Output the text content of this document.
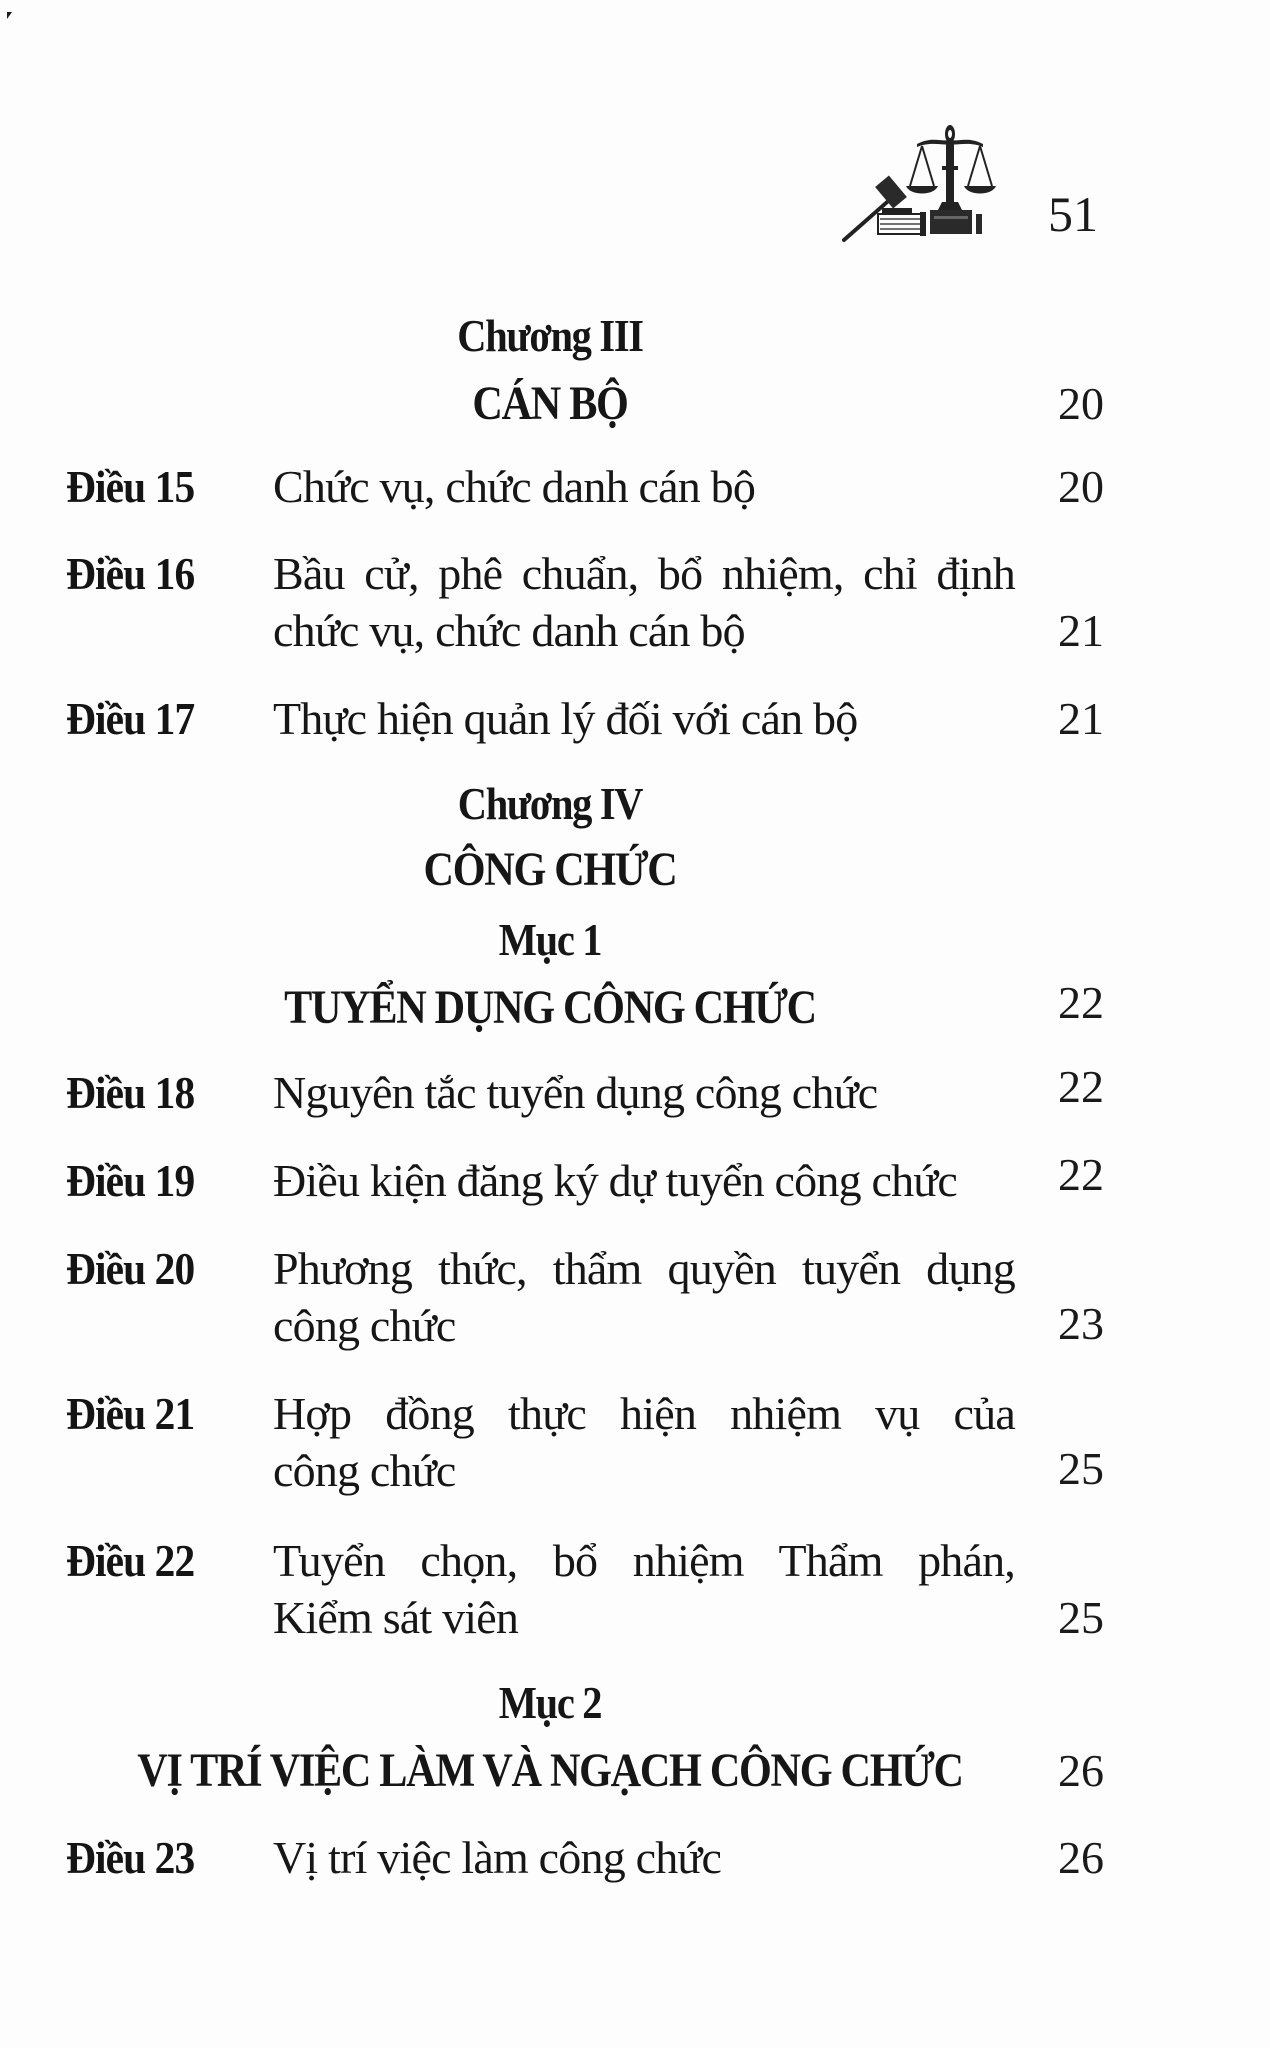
51
Chương III
CÁN BỘ	20
Điều 15 Chức vụ, chức danh cán bộ	20
Điều 16 Bầu cử, phê chuẩn, bổ nhiệm, chỉ định
chức vụ, chức danh cán bộ	21
Điều 17 Thực hiện quản lý đối với cán bộ	21
Chương IV
CÔNG CHỨC
Mục 1
TUYỂN DỤNG CÔNG CHỨC	22
Điều 18 Nguyên tắc tuyển dụng công chức	22
Điều 19 Điều kiện đăng ký dự tuyển công chức	22
Điều 20 Phương thức, thẩm quyền tuyển dụng
công chức	23
Điều 21 Hợp đồng thực hiện nhiệm vụ của
công chức	25
Điều 22 Tuyển chọn, bổ nhiệm Thẩm phán,
Kiểm sát viên	25
Mục 2
VỊ TRÍ VIỆC LÀM VÀ NGẠCH CÔNG CHỨC	26
Điều 23 Vị trí việc làm công chức	26
